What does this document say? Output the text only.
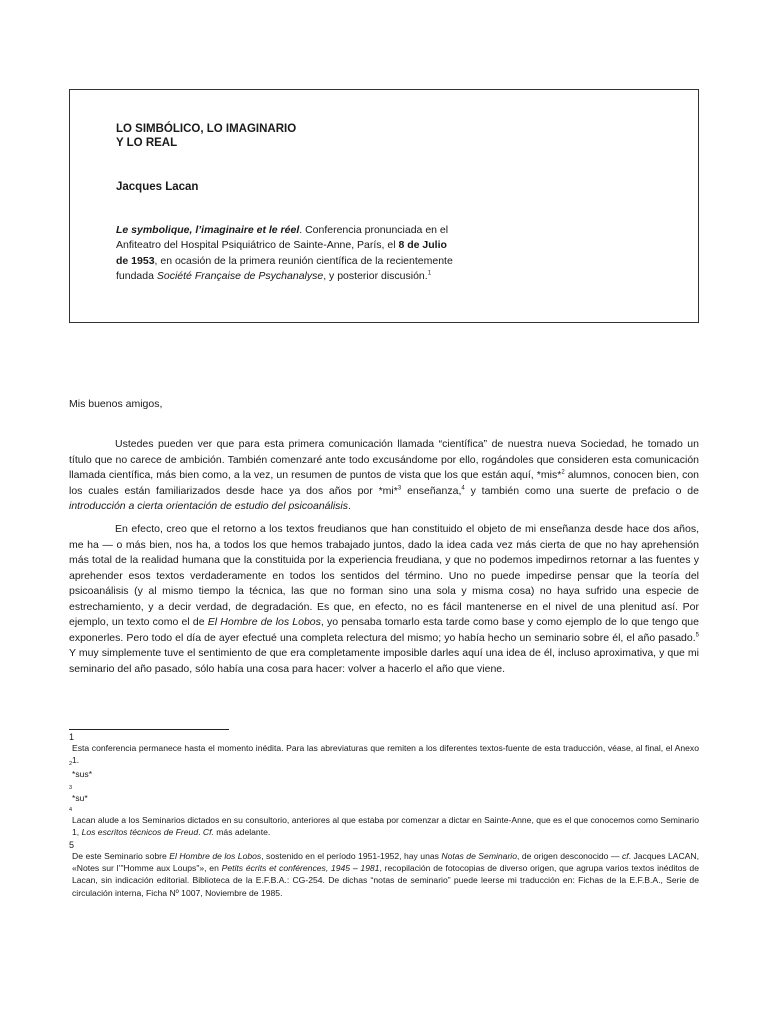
LO SIMBÓLICO, LO IMAGINARIO
Y LO REAL
Jacques Lacan
Le symbolique, l’imaginaire et le réel. Conferencia pronunciada en el Anfiteatro del Hospital Psiquiátrico de Sainte-Anne, París, el 8 de Julio de 1953, en ocasión de la primera reunión científica de la recientemente fundada Société Française de Psychanalyse, y posterior discusión.$^1$
Mis buenos amigos,

Ustedes pueden ver que para esta primera comunicación llamada “científica” de nuestra nueva Sociedad, he tomado un título que no carece de ambición. También comenzaré ante todo excusándome por ello, rogándoles que consideren esta comunicación llamada científica, más bien como, a la vez, un resumen de puntos de vista que los que están aquí, *mis*$^2$ alumnos, conocen bien, con los cuales están familiarizados desde hace ya dos años por *mi*$^3$ enseñanza,$^4$ y también como una suerte de prefacio o de introducción a cierta orientación de estudio del psicoanálisis.

En efecto, creo que el retorno a los textos freudianos que han constituido el objeto de mi enseñanza desde hace dos años, me ha — o más bien, nos ha, a todos los que hemos trabajado juntos, dado la idea cada vez más cierta de que no hay aprehensión más total de la realidad humana que la constituida por la experiencia freudiana, y que no podemos impedirnos retornar a las fuentes y aprehender esos textos verdaderamente en todos los sentidos del término. Uno no puede impedirse pensar que la teoría del psicoanálisis (y al mismo tiempo la técnica, las que no forman sino una sola y misma cosa) no haya sufrido una especie de estrechamiento, y a decir verdad, de degradación. Es que, en efecto, no es fácil mantenerse en el nivel de una plenitud así. Por ejemplo, un texto como el de El Hombre de los Lobos, yo pensaba tomarlo esta tarde como base y como ejemplo de lo que tengo que exponerles. Pero todo el día de ayer efectué una completa relectura del mismo; yo había hecho un seminario sobre él, el año pasado.$^5$ Y muy simplemente tuve el sentimiento de que era completamente imposible darles aquí una idea de él, incluso aproximativa, y que mi seminario del año pasado, sólo había una cosa para hacer: volver a hacerlo el año que viene.

1
Esta conferencia permanece hasta el momento inédita. Para las abreviaturas que remiten a los diferentes textos-fuente de esta traducción, véase, al final, el Anexo 1.
2
*sus*
3
*su*
4
Lacan alude a los Seminarios dictados en su consultorio, anteriores al que estaba por comenzar a dictar en Sainte-Anne, que es el que conocemos como Seminario 1, Los escritos técnicos de Freud. Cf. más adelante.
5
De este Seminario sobre El Hombre de los Lobos, sostenido en el período 1951-1952, hay unas Notas de Seminario, de origen desconocido — cf. Jacques LACAN, «Notes sur l’"Homme aux Loups"», en Petits écrits et conférences, 1945 – 1981, recopilación de fotocopias de diverso origen, que agrupa varios textos inéditos de Lacan, sin indicación editorial. Biblioteca de la E.F.B.A.: CG-254. De dichas “notas de seminario” puede leerse mi traducción en: Fichas de la E.F.B.A., Serie de circulación interna, Ficha Nº 1007, Noviembre de 1985.
